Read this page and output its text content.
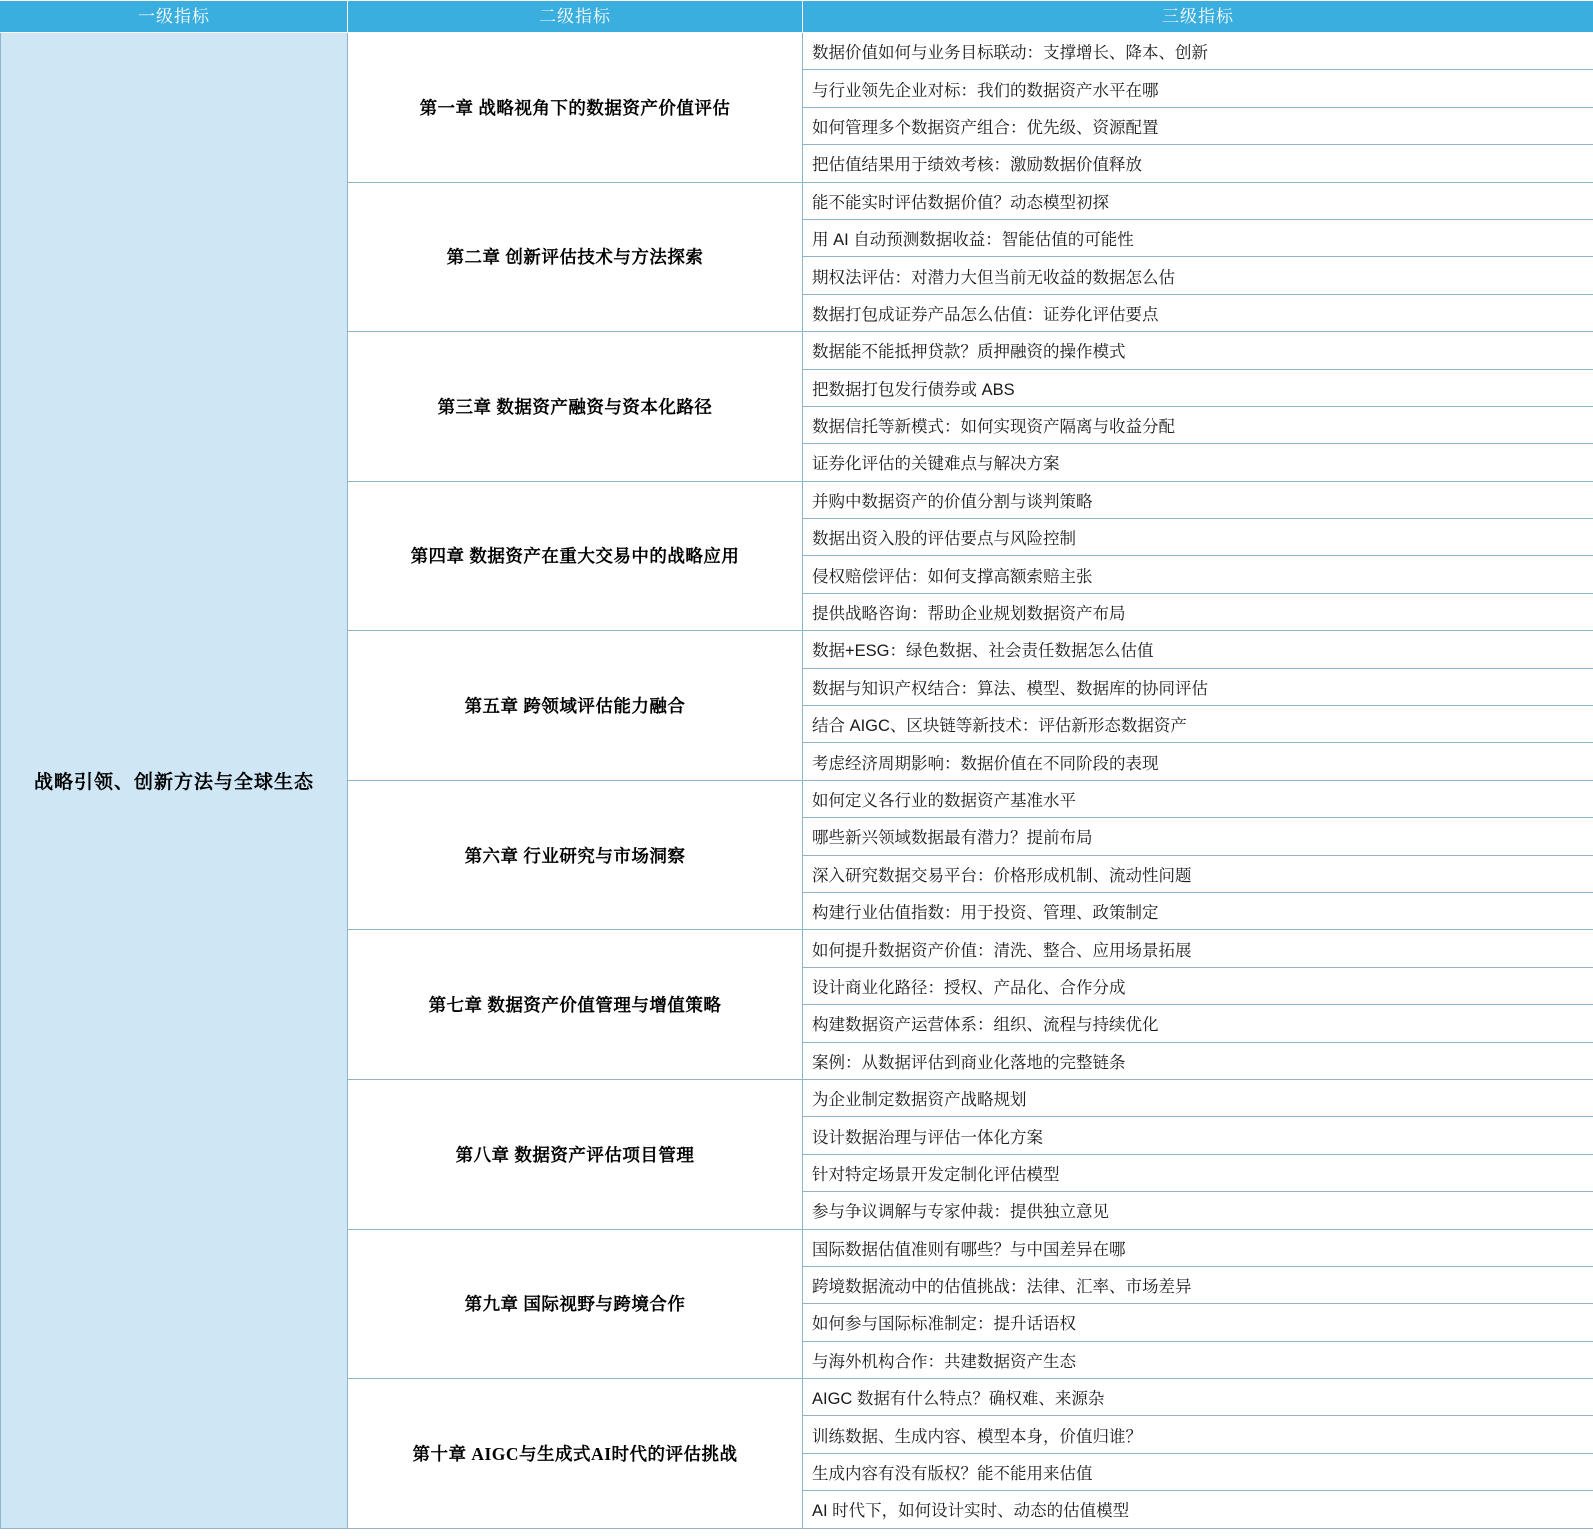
一级指标	二级指标	三级指标
战略引领、创新方法与全球生态	第一章 战略视角下的数据资产价值评估	数据价值如何与业务目标联动：支撑增长、降本、创新
		与行业领先企业对标：我们的数据资产水平在哪
		如何管理多个数据资产组合：优先级、资源配置
		把估值结果用于绩效考核：激励数据价值释放
	第二章 创新评估技术与方法探索	能不能实时评估数据价值？动态模型初探
		用 AI 自动预测数据收益：智能估值的可能性
		期权法评估：对潜力大但当前无收益的数据怎么估
		数据打包成证券产品怎么估值：证券化评估要点
	第三章 数据资产融资与资本化路径	数据能不能抵押贷款？质押融资的操作模式
		把数据打包发行债券或 ABS
		数据信托等新模式：如何实现资产隔离与收益分配
		证券化评估的关键难点与解决方案
	第四章 数据资产在重大交易中的战略应用	并购中数据资产的价值分割与谈判策略
		数据出资入股的评估要点与风险控制
		侵权赔偿评估：如何支撑高额索赔主张
		提供战略咨询：帮助企业规划数据资产布局
	第五章 跨领域评估能力融合	数据+ESG：绿色数据、社会责任数据怎么估值
		数据与知识产权结合：算法、模型、数据库的协同评估
		结合 AIGC、区块链等新技术：评估新形态数据资产
		考虑经济周期影响：数据价值在不同阶段的表现
	第六章 行业研究与市场洞察	如何定义各行业的数据资产基准水平
		哪些新兴领域数据最有潜力？提前布局
		深入研究数据交易平台：价格形成机制、流动性问题
		构建行业估值指数：用于投资、管理、政策制定
	第七章 数据资产价值管理与增值策略	如何提升数据资产价值：清洗、整合、应用场景拓展
		设计商业化路径：授权、产品化、合作分成
		构建数据资产运营体系：组织、流程与持续优化
		案例：从数据评估到商业化落地的完整链条
	第八章 数据资产评估项目管理	为企业制定数据资产战略规划
		设计数据治理与评估一体化方案
		针对特定场景开发定制化评估模型
		参与争议调解与专家仲裁：提供独立意见
	第九章 国际视野与跨境合作	国际数据估值准则有哪些？与中国差异在哪
		跨境数据流动中的估值挑战：法律、汇率、市场差异
		如何参与国际标准制定：提升话语权
		与海外机构合作：共建数据资产生态
	第十章 AIGC与生成式AI时代的评估挑战	AIGC 数据有什么特点？确权难、来源杂
		训练数据、生成内容、模型本身，价值归谁？
		生成内容有没有版权？能不能用来估值
		AI 时代下，如何设计实时、动态的估值模型
